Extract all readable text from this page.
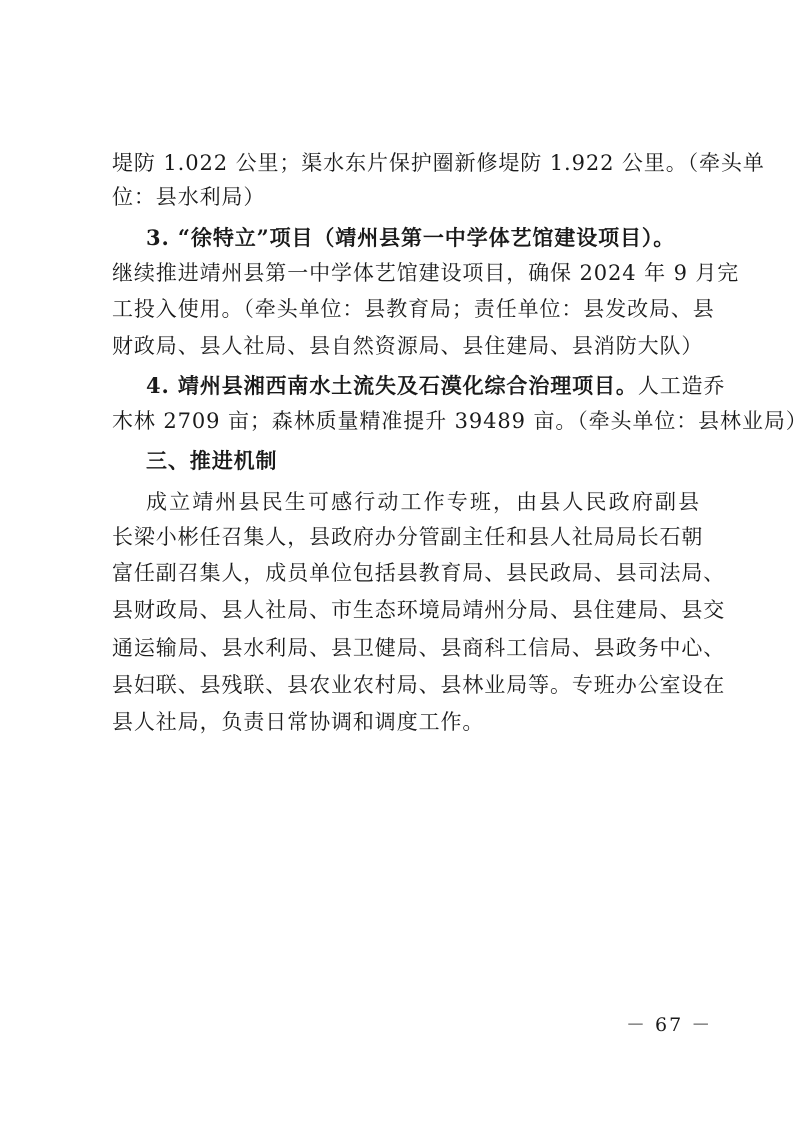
堤防 1.022 公里；渠水东片保护圈新修堤防 1.922 公里。（牵头单
位：县水利局）
3. “徐特立”项目（靖州县第一中学体艺馆建设项目）。
继续推进靖州县第一中学体艺馆建设项目，确保 2024 年 9 月完
工投入使用。（牵头单位：县教育局；责任单位：县发改局、县
财政局、县人社局、县自然资源局、县住建局、县消防大队）
4. 靖州县湘西南水土流失及石漠化综合治理项目。人工造乔
木林 2709 亩；森林质量精准提升 39489 亩。（牵头单位：县林业局）
三、推进机制
成立靖州县民生可感行动工作专班，由县人民政府副县
长梁小彬任召集人，县政府办分管副主任和县人社局局长石朝
富任副召集人，成员单位包括县教育局、县民政局、县司法局、
县财政局、县人社局、市生态环境局靖州分局、县住建局、县交
通运输局、县水利局、县卫健局、县商科工信局、县政务中心、
县妇联、县残联、县农业农村局、县林业局等。专班办公室设在
县人社局，负责日常协调和调度工作。
－ 67 －
